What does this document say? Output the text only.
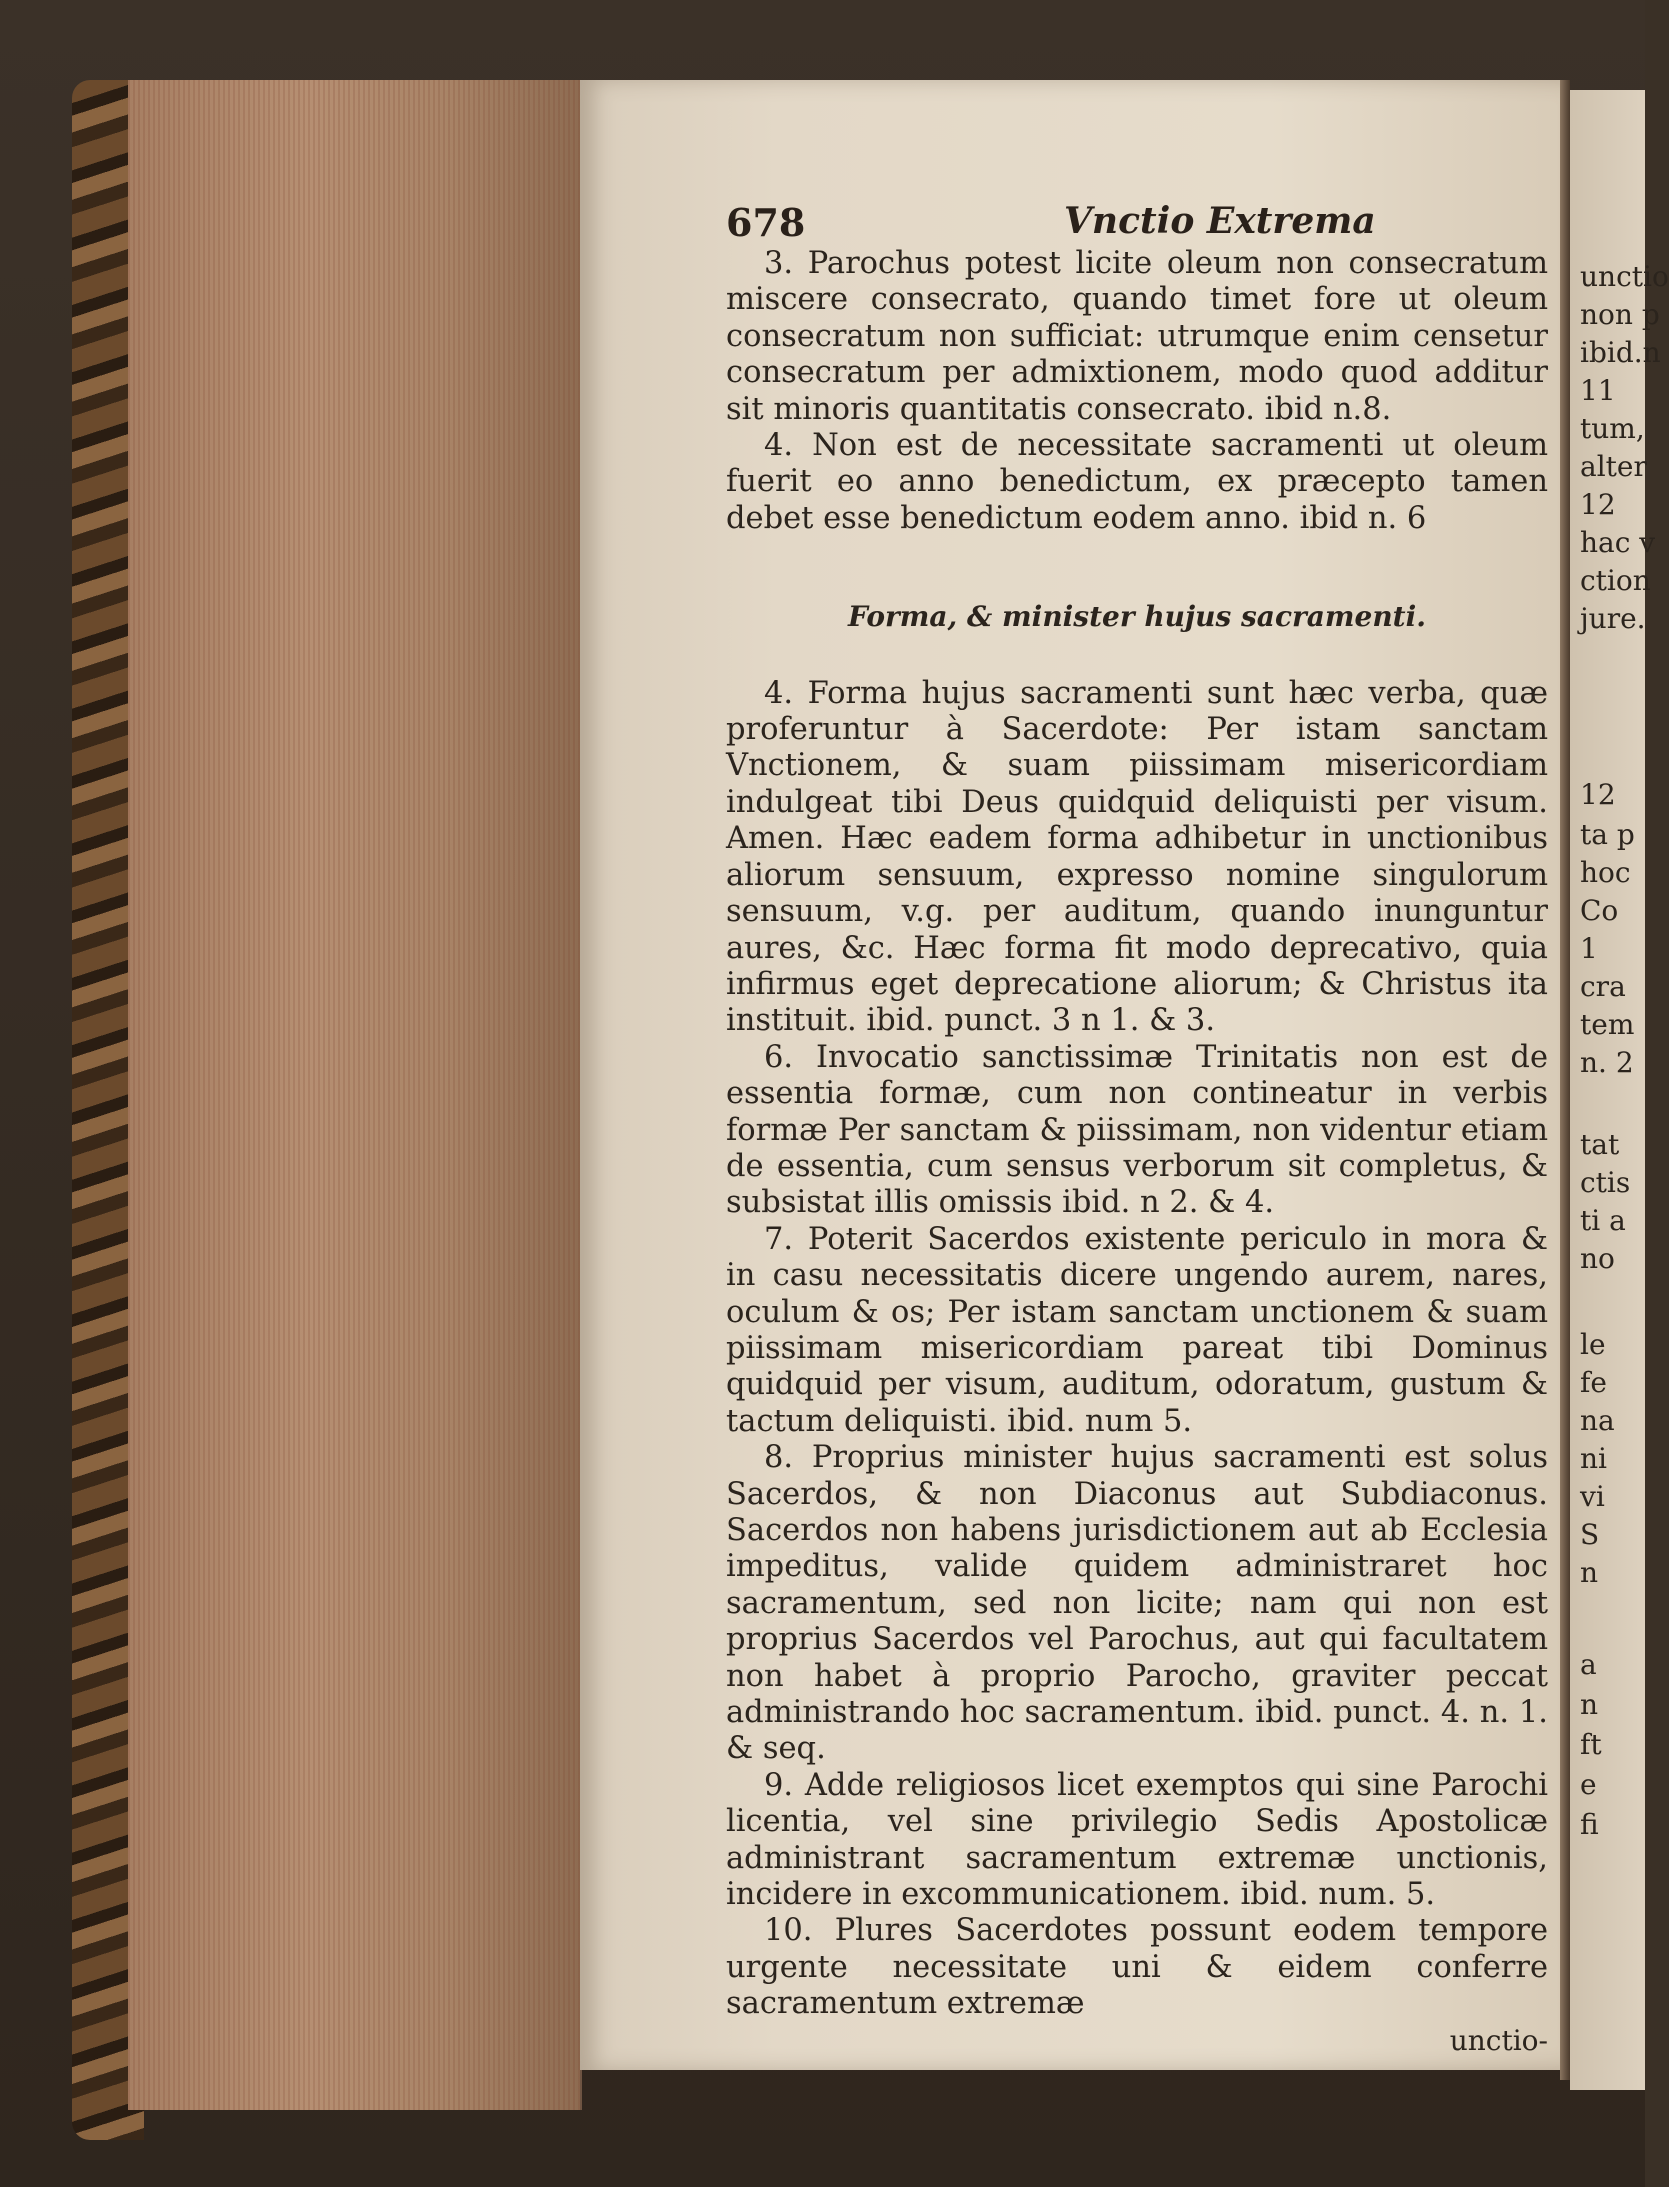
678	Vnctio Extrema

3. Parochus potest licite oleum non consecratum miscere consecrato, quando timet fore ut oleum consecratum non sufficiat: utrumque enim censetur consecratum per admixtionem, modo quod additur sit minoris quantitatis consecrato. ibid n.8.

4. Non est de necessitate sacramenti ut oleum fuerit eo anno benedictum, ex præcepto tamen debet esse benedictum eodem anno. ibid n. 6

Forma, & minister hujus sacramenti.

4. Forma hujus sacramenti sunt hæc verba, quæ proferuntur à Sacerdote: Per istam sanctam Vnctionem, & suam piissimam misericordiam indulgeat tibi Deus quidquid deliquisti per visum. Amen. Hæc eadem forma adhibetur in unctionibus aliorum sensuum, expresso nomine singulorum sensuum, v.g. per auditum, quando inunguntur aures, &c. Hæc forma fit modo deprecativo, quia infirmus eget deprecatione aliorum; & Christus ita instituit. ibid. punct. 3 n 1. & 3.

6. Invocatio sanctissimæ Trinitatis non est de essentia formæ, cum non contineatur in verbis formæ Per sanctam & piissimam, non videntur etiam de essentia, cum sensus verborum sit completus, & subsistat illis omissis ibid. n 2. & 4.

7. Poterit Sacerdos existente periculo in mora & in casu necessitatis dicere ungendo aurem, nares, oculum & os; Per istam sanctam unctionem & suam piissimam misericordiam pareat tibi Dominus quidquid per visum, auditum, odoratum, gustum & tactum deliquisti. ibid. num 5.

8. Proprius minister hujus sacramenti est solus Sacerdos, & non Diaconus aut Subdiaconus. Sacerdos non habens jurisdictionem aut ab Ecclesia impeditus, valide quidem administraret hoc sacramentum, sed non licite; nam qui non est proprius Sacerdos vel Parochus, aut qui facultatem non habet à proprio Parocho, graviter peccat administrando hoc sacramentum. ibid. punct. 4. n. 1. & seq.

9. Adde religiosos licet exemptos qui sine Parochi licentia, vel sine privilegio Sedis Apostolicæ administrant sacramentum extremæ unctionis, incidere in excommunicationem. ibid. num. 5.

10. Plures Sacerdotes possunt eodem tempore urgente necessitate uni & eidem conferre sacramentum extremæ

unctio-

unctio
non p
ibid.n
11
tum,
alter
12
hac v
ction
jure.
12
ta p
hoc
Co
1
cra
tem
n. 2
tat
ctis
ti a
no
le
fe
na
ni
vi
S
n
a
n
ft
e
fi
